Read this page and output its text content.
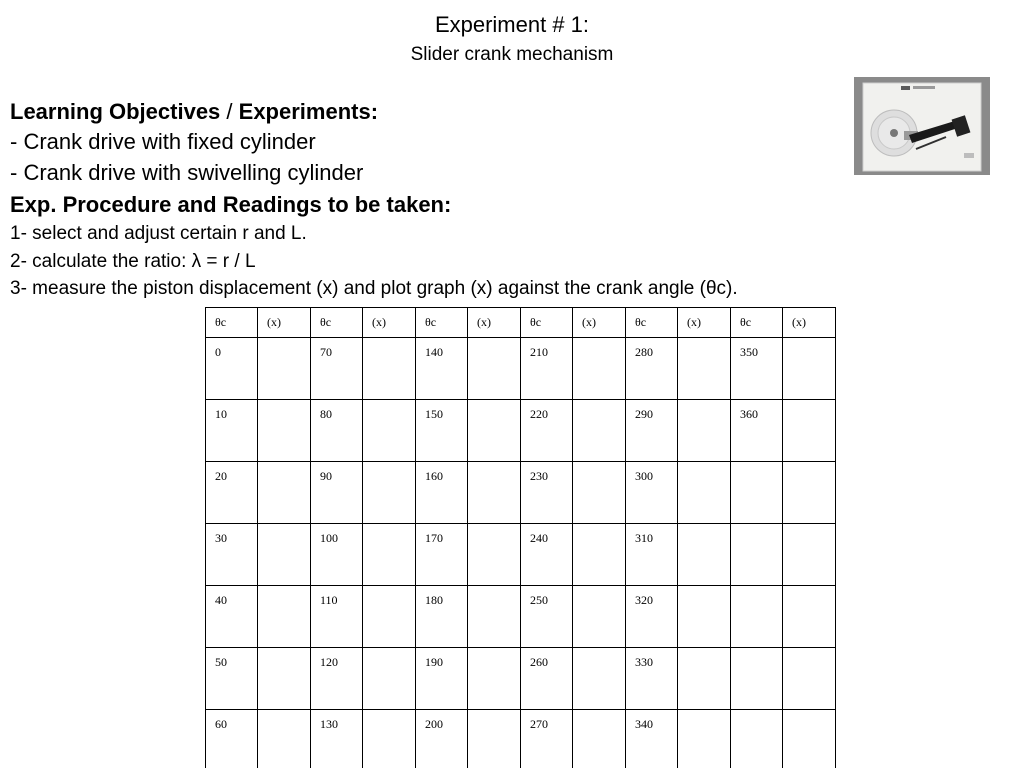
Experiment # 1:
Slider crank mechanism
Learning Objectives / Experiments:
- Crank drive with fixed cylinder
- Crank drive with swivelling cylinder
Exp. Procedure and Readings to be taken:
1- select and adjust certain r and L.
2- calculate the ratio: λ = r / L
3- measure the piston displacement (x) and plot graph (x) against the crank angle (θc).
θc	(x)	θc	(x)	θc	(x)	θc	(x)	θc	(x)	θc	(x)
0		70		140		210		280		350	
10		80		150		220		290		360	
20		90		160		230		300			
30		100		170		240		310			
40		110		180		250		320			
50		120		190		260		330			
60		130		200		270		340			
